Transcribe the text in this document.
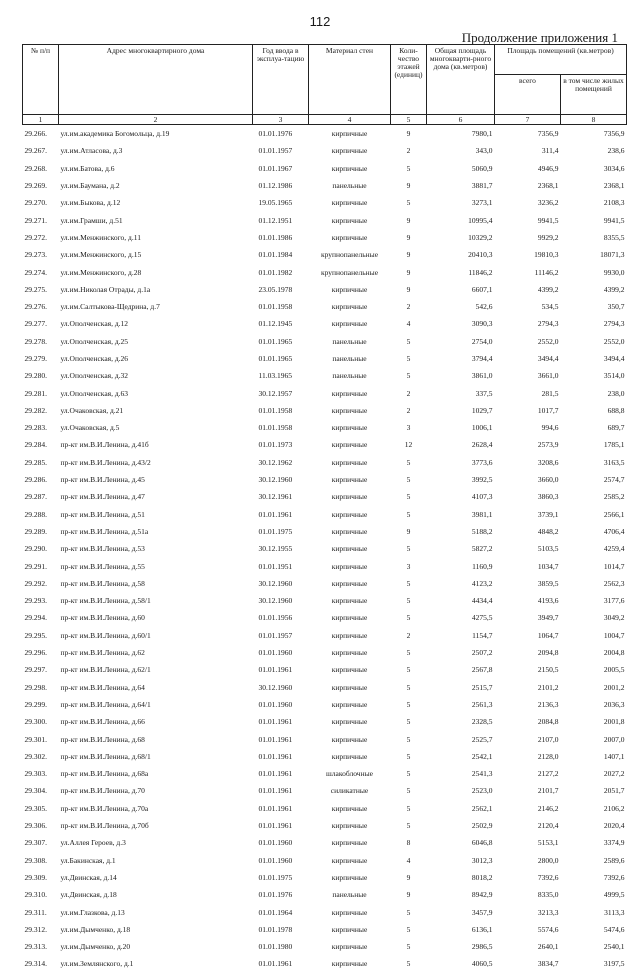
112
Продолжение приложения 1
№ п/п	Адрес многоквартирного дома	Год ввода в эксплуа-тацию	Материал стен	Коли-чество этажей (единиц)	Общая площадь многокварти-рного дома (кв.метров)	Площадь помещений (кв.метров)	
						всего	в том числе жилых помещений
1	2	3	4	5	6	7	8
29.266.	ул.им.академика Богомольца, д.19	01.01.1976	кирпичные	9	7980,1	7356,9	7356,9
29.267.	ул.им.Атласова, д.3	01.01.1957	кирпичные	2	343,0	311,4	238,6
29.268.	ул.им.Батова, д.6	01.01.1967	кирпичные	5	5060,9	4946,9	3034,6
29.269.	ул.им.Баумана, д.2	01.12.1986	панельные	9	3881,7	2368,1	2368,1
29.270.	ул.им.Быкова, д.12	19.05.1965	кирпичные	5	3273,1	3236,2	2108,3
29.271.	ул.им.Грамши, д.51	01.12.1951	кирпичные	9	10995,4	9941,5	9941,5
29.272.	ул.им.Менжинского, д.11	01.01.1986	кирпичные	9	10329,2	9929,2	8355,5
29.273.	ул.им.Менжинского, д.15	01.01.1984	крупнопанельные	9	20410,3	19810,3	18071,3
29.274.	ул.им.Менжинского, д.28	01.01.1982	крупнопанельные	9	11846,2	11146,2	9930,0
29.275.	ул.им.Николая Отрады, д.1а	23.05.1978	кирпичные	9	6607,1	4399,2	4399,2
29.276.	ул.им.Салтыкова-Щедрина, д.7	01.01.1958	кирпичные	2	542,6	534,5	350,7
29.277.	ул.Ополченская, д.12	01.12.1945	кирпичные	4	3090,3	2794,3	2794,3
29.278.	ул.Ополченская, д.25	01.01.1965	панельные	5	2754,0	2552,0	2552,0
29.279.	ул.Ополченская, д.26	01.01.1965	панельные	5	3794,4	3494,4	3494,4
29.280.	ул.Ополченская, д.32	11.03.1965	панельные	5	3861,0	3661,0	3514,0
29.281.	ул.Ополченская, д.63	30.12.1957	кирпичные	2	337,5	281,5	238,0
29.282.	ул.Очаковская, д.21	01.01.1958	кирпичные	2	1029,7	1017,7	688,8
29.283.	ул.Очаковская, д.5	01.01.1958	кирпичные	3	1006,1	994,6	689,7
29.284.	пр-кт им.В.И.Ленина, д.41б	01.01.1973	кирпичные	12	2628,4	2573,9	1785,1
29.285.	пр-кт им.В.И.Ленина, д.43/2	30.12.1962	кирпичные	5	3773,6	3208,6	3163,5
29.286.	пр-кт им.В.И.Ленина, д.45	30.12.1960	кирпичные	5	3992,5	3660,0	2574,7
29.287.	пр-кт им.В.И.Ленина, д.47	30.12.1961	кирпичные	5	4107,3	3860,3	2585,2
29.288.	пр-кт им.В.И.Ленина, д.51	01.01.1961	кирпичные	5	3981,1	3739,1	2566,1
29.289.	пр-кт им.В.И.Ленина, д.51а	01.01.1975	кирпичные	9	5188,2	4848,2	4706,4
29.290.	пр-кт им.В.И.Ленина, д.53	30.12.1955	кирпичные	5	5827,2	5103,5	4259,4
29.291.	пр-кт им.В.И.Ленина, д.55	01.01.1951	кирпичные	3	1160,9	1034,7	1014,7
29.292.	пр-кт им.В.И.Ленина, д.58	30.12.1960	кирпичные	5	4123,2	3859,5	2562,3
29.293.	пр-кт им.В.И.Ленина, д.58/1	30.12.1960	кирпичные	5	4434,4	4193,6	3177,6
29.294.	пр-кт им.В.И.Ленина, д.60	01.01.1956	кирпичные	5	4275,5	3949,7	3049,2
29.295.	пр-кт им.В.И.Ленина, д.60/1	01.01.1957	кирпичные	2	1154,7	1064,7	1004,7
29.296.	пр-кт им.В.И.Ленина, д.62	01.01.1960	кирпичные	5	2507,2	2094,8	2004,8
29.297.	пр-кт им.В.И.Ленина, д.62/1	01.01.1961	кирпичные	5	2567,8	2150,5	2005,5
29.298.	пр-кт им.В.И.Ленина, д.64	30.12.1960	кирпичные	5	2515,7	2101,2	2001,2
29.299.	пр-кт им.В.И.Ленина, д.64/1	01.01.1960	кирпичные	5	2561,3	2136,3	2036,3
29.300.	пр-кт им.В.И.Ленина, д.66	01.01.1961	кирпичные	5	2328,5	2084,8	2001,8
29.301.	пр-кт им.В.И.Ленина, д.68	01.01.1961	кирпичные	5	2525,7	2107,0	2007,0
29.302.	пр-кт им.В.И.Ленина, д.68/1	01.01.1961	кирпичные	5	2542,1	2128,0	1407,1
29.303.	пр-кт им.В.И.Ленина, д.68а	01.01.1961	шлакоблочные	5	2541,3	2127,2	2027,2
29.304.	пр-кт им.В.И.Ленина, д.70	01.01.1961	силикатные	5	2523,0	2101,7	2051,7
29.305.	пр-кт им.В.И.Ленина, д.70а	01.01.1961	кирпичные	5	2562,1	2146,2	2106,2
29.306.	пр-кт им.В.И.Ленина, д.70б	01.01.1961	кирпичные	5	2502,9	2120,4	2020,4
29.307.	ул.Аллея Героев, д.3	01.01.1960	кирпичные	8	6046,8	5153,1	3374,9
29.308.	ул.Бакинская, д.1	01.01.1960	кирпичные	4	3012,3	2800,0	2589,6
29.309.	ул.Двинская, д.14	01.01.1975	кирпичные	9	8018,2	7392,6	7392,6
29.310.	ул.Двинская, д.18	01.01.1976	панельные	9	8942,9	8335,0	4999,5
29.311.	ул.им.Глазкова, д.13	01.01.1964	кирпичные	5	3457,9	3213,3	3113,3
29.312.	ул.им.Дымченко, д.18	01.01.1978	кирпичные	5	6136,1	5574,6	5474,6
29.313.	ул.им.Дымченко, д.20	01.01.1980	кирпичные	5	2986,5	2640,1	2540,1
29.314.	ул.им.Землянского, д.1	01.01.1961	кирпичные	5	4060,5	3834,7	3197,5
